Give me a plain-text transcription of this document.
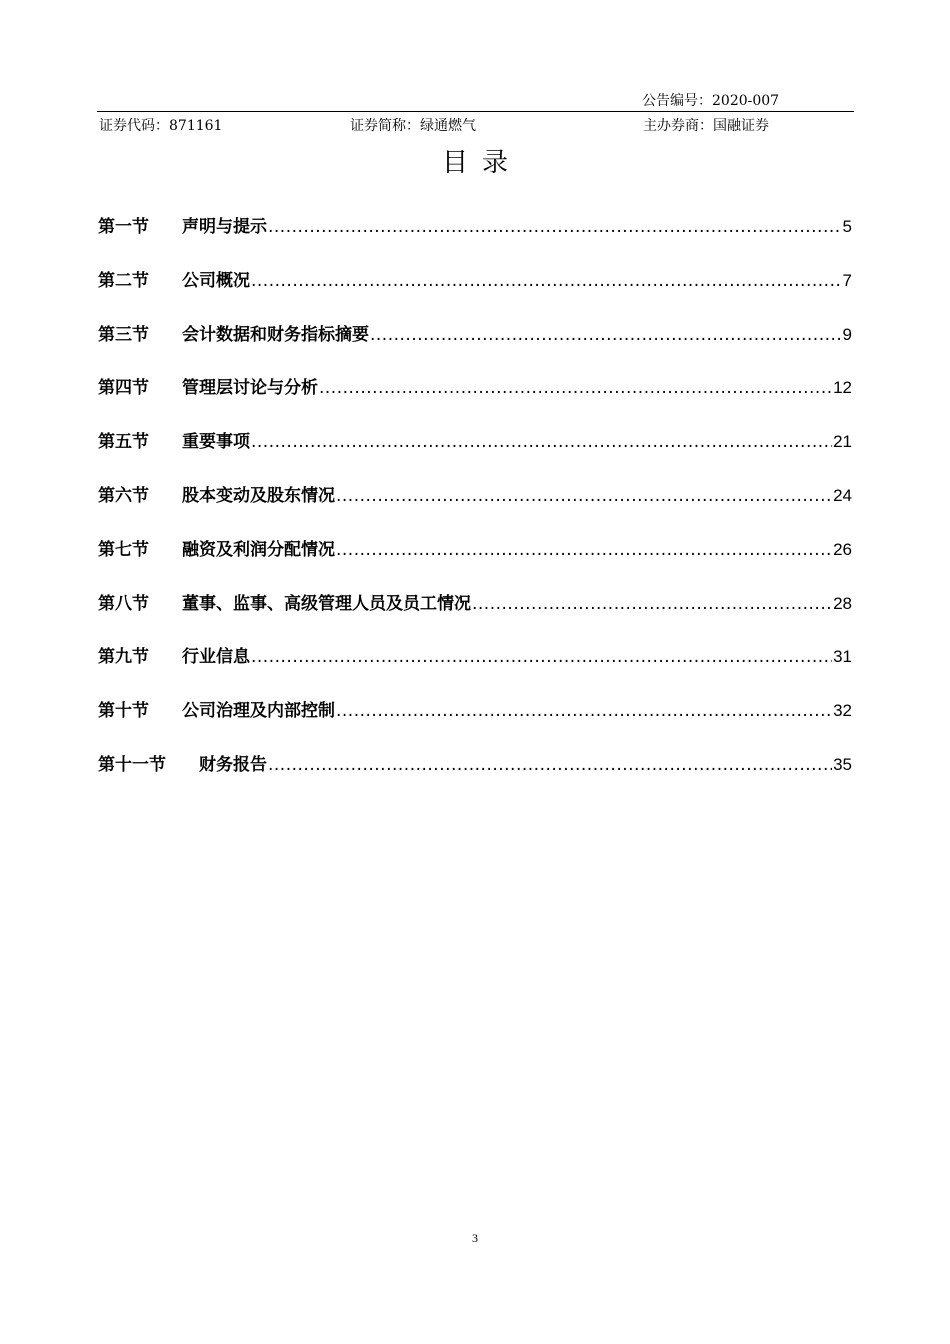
公告编号：2020-007
证券代码：871161	证券简称：绿通燃气	主办券商：国融证券
目录
第一节	声明与提示 .....	5
第二节	公司概况 .....	7
第三节	会计数据和财务指标摘要 .....	9
第四节	管理层讨论与分析 .....	12
第五节	重要事项 .....	21
第六节	股本变动及股东情况 .....	24
第七节	融资及利润分配情况 .....	26
第八节	董事、监事、高级管理人员及员工情况 .....	28
第九节	行业信息 .....	31
第十节	公司治理及内部控制 .....	32
第十一节	财务报告 .....	35
3
